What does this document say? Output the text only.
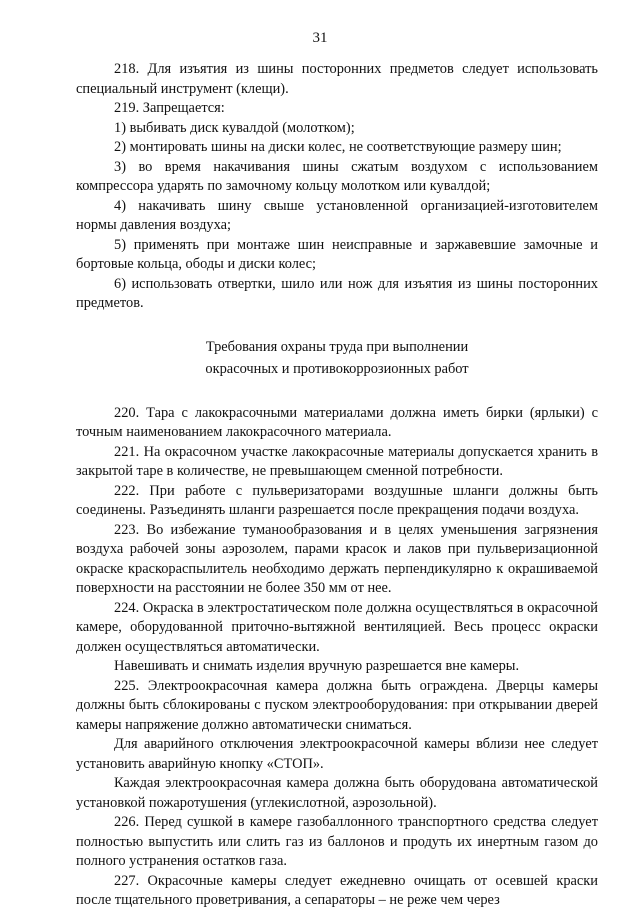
31

218. Для изъятия из шины посторонних предметов следует использовать специальный инструмент (клещи).

219. Запрещается:

1) выбивать диск кувалдой (молотком);

2) монтировать шины на диски колес, не соответствующие размеру шин;

3) во время накачивания шины сжатым воздухом с использованием компрессора ударять по замочному кольцу молотком или кувалдой;

4) накачивать шину свыше установленной организацией-изготовителем нормы давления воздуха;

5) применять при монтаже шин неисправные и заржавевшие замочные и бортовые кольца, ободы и диски колес;

6) использовать отвертки, шило или нож для изъятия из шины посторонних предметов.

Требования охраны труда при выполнении
окрасочных и противокоррозионных работ

220. Тара с лакокрасочными материалами должна иметь бирки (ярлыки) с точным наименованием лакокрасочного материала.

221. На окрасочном участке лакокрасочные материалы допускается хранить в закрытой таре в количестве, не превышающем сменной потребности.

222. При работе с пульверизаторами воздушные шланги должны быть соединены. Разъединять шланги разрешается после прекращения подачи воздуха.

223. Во избежание туманообразования и в целях уменьшения загрязнения воздуха рабочей зоны аэрозолем, парами красок и лаков при пульверизационной окраске краскораспылитель необходимо держать перпендикулярно к окрашиваемой поверхности на расстоянии не более 350 мм от нее.

224. Окраска в электростатическом поле должна осуществляться в окрасочной камере, оборудованной приточно-вытяжной вентиляцией. Весь процесс окраски должен осуществляться автоматически.

Навешивать и снимать изделия вручную разрешается вне камеры.

225. Электроокрасочная камера должна быть ограждена. Дверцы камеры должны быть сблокированы с пуском электрооборудования: при открывании дверей камеры напряжение должно автоматически сниматься.

Для аварийного отключения электроокрасочной камеры вблизи нее следует установить аварийную кнопку «СТОП».

Каждая электроокрасочная камера должна быть оборудована автоматической установкой пожаротушения (углекислотной, аэрозольной).

226. Перед сушкой в камере газобаллонного транспортного средства следует полностью выпустить или слить газ из баллонов и продуть их инертным газом до полного устранения остатков газа.

227. Окрасочные камеры следует ежедневно очищать от осевшей краски после тщательного проветривания, а сепараторы – не реже чем через
